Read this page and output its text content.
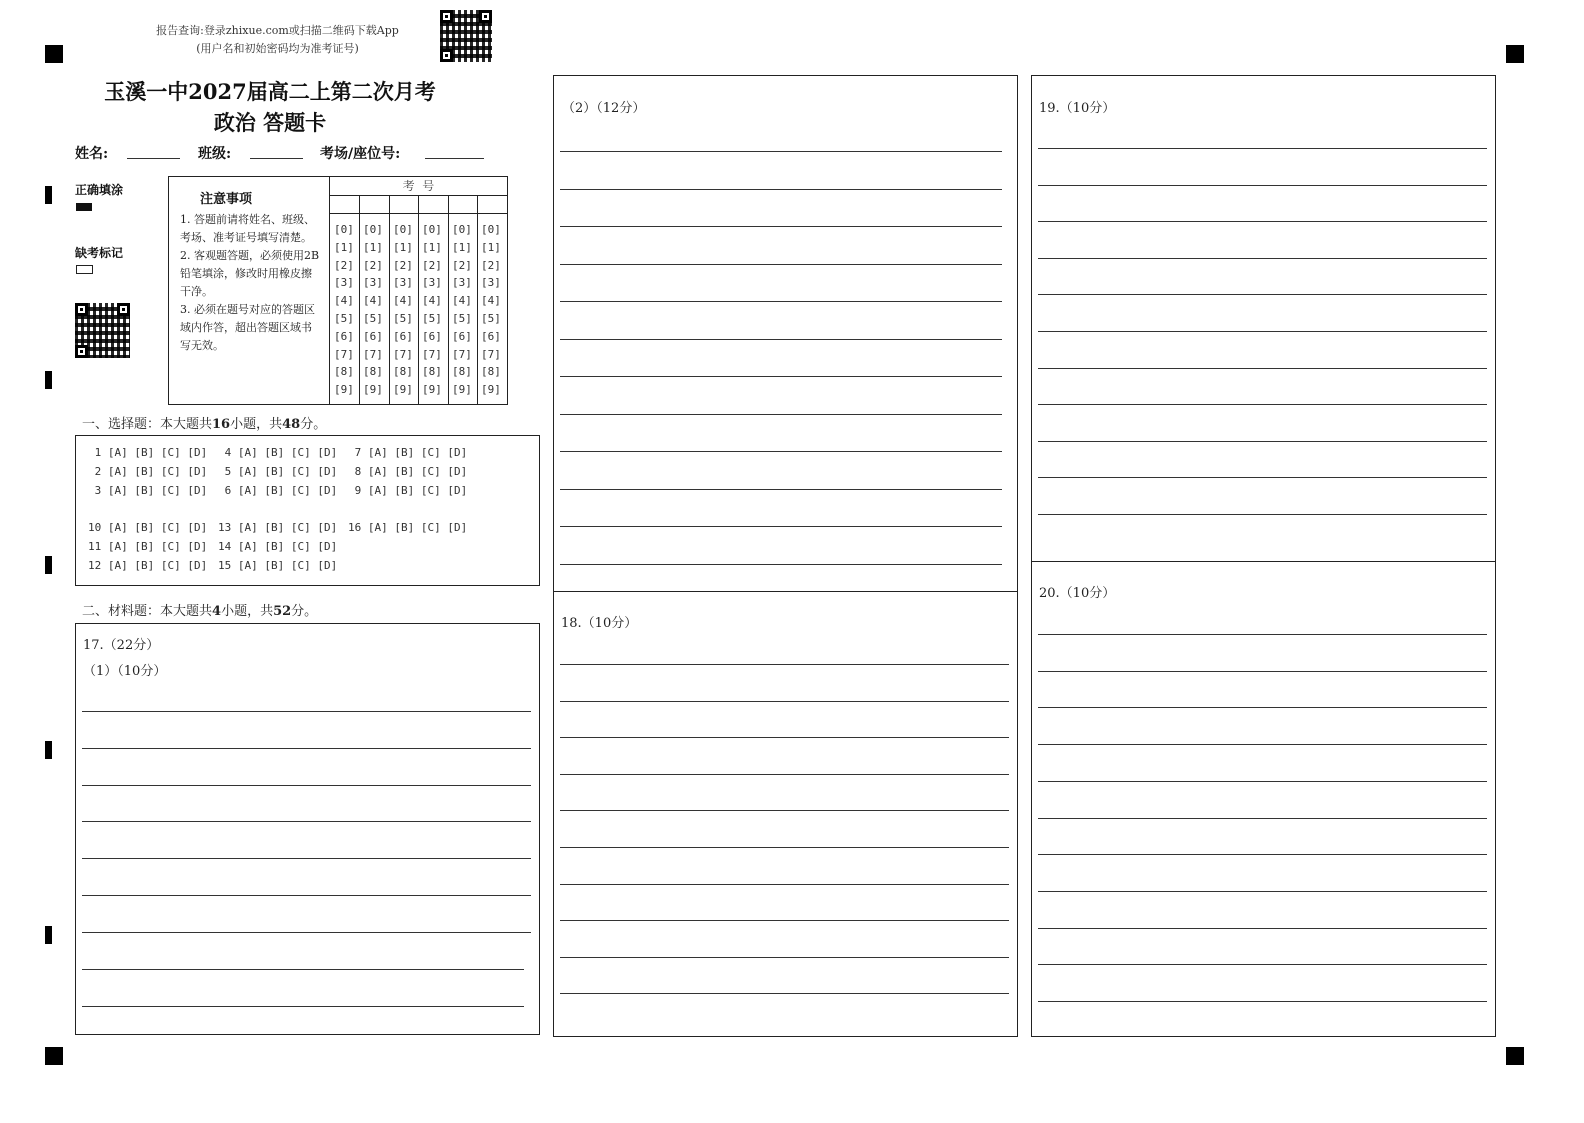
报告查询:登录zhixue.com或扫描二维码下载App
(用户名和初始密码均为准考证号)
玉溪一中2027届高二上第二次月考
政治 答题卡
姓名:	班级:	考场/座位号:
正确填涂
缺考标记
注意事项
1. 答题前请将姓名、班级、考场、准考证号填写清楚。
2. 客观题答题，必须使用2B铅笔填涂，修改时用橡皮擦干净。
3. 必须在题号对应的答题区域内作答，超出答题区域书写无效。
考  号
[0]
[1]
[2]
[3]
[4]
[5]
[6]
[7]
[8]
[9]
[0]
[1]
[2]
[3]
[4]
[5]
[6]
[7]
[8]
[9]
[0]
[1]
[2]
[3]
[4]
[5]
[6]
[7]
[8]
[9]
[0]
[1]
[2]
[3]
[4]
[5]
[6]
[7]
[8]
[9]
[0]
[1]
[2]
[3]
[4]
[5]
[6]
[7]
[8]
[9]
[0]
[1]
[2]
[3]
[4]
[5]
[6]
[7]
[8]
[9]
一、选择题：本大题共16小题，共48分。
1 [A] [B] [C] [D] 4 [A] [B] [C] [D] 7 [A] [B] [C] [D]
2 [A] [B] [C] [D] 5 [A] [B] [C] [D] 8 [A] [B] [C] [D]
3 [A] [B] [C] [D] 6 [A] [B] [C] [D] 9 [A] [B] [C] [D]
10 [A] [B] [C] [D] 13 [A] [B] [C] [D] 16 [A] [B] [C] [D]
11 [A] [B] [C] [D] 14 [A] [B] [C] [D]
12 [A] [B] [C] [D] 15 [A] [B] [C] [D]
二、材料题：本大题共4小题，共52分。
17.（22分）
（1）（10分）
（2）（12分）
18.（10分）
19.（10分）
20.（10分）
